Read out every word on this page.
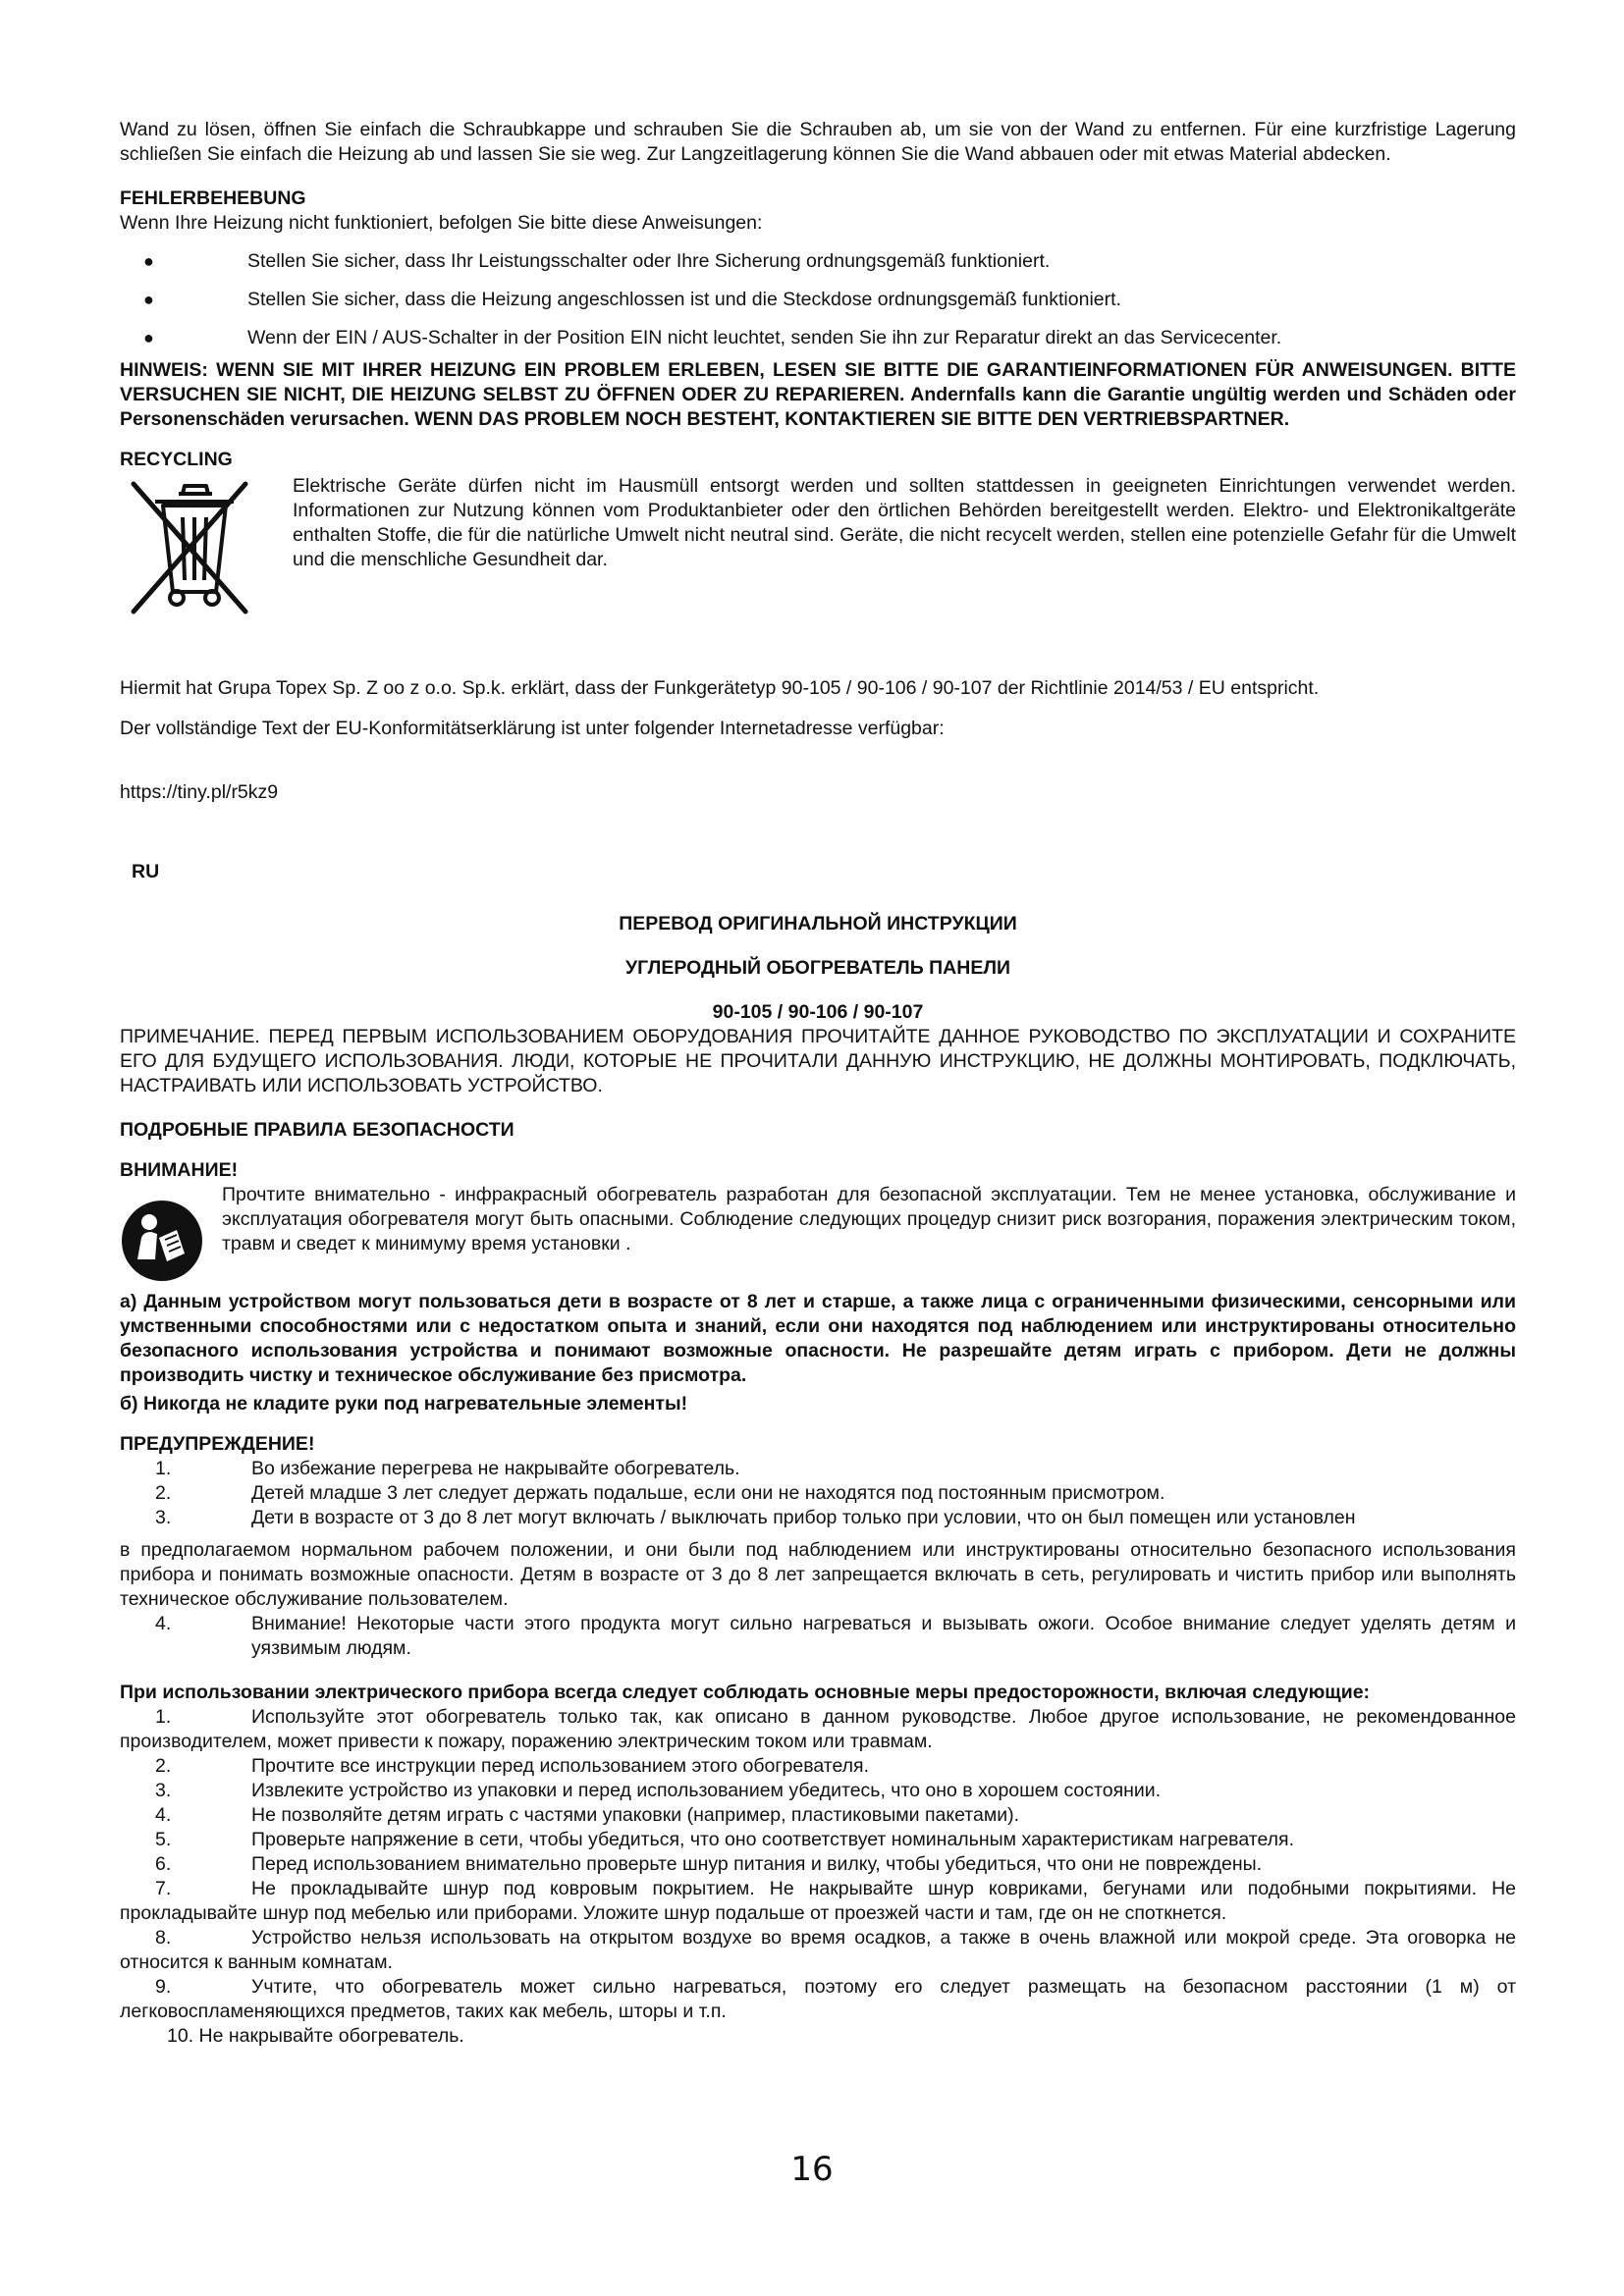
Wand zu lösen, öffnen Sie einfach die Schraubkappe und schrauben Sie die Schrauben ab, um sie von der Wand zu entfernen. Für eine kurzfristige Lagerung schließen Sie einfach die Heizung ab und lassen Sie sie weg. Zur Langzeitlagerung können Sie die Wand abbauen oder mit etwas Material abdecken.

FEHLERBEHEBUNG

Wenn Ihre Heizung nicht funktioniert, befolgen Sie bitte diese Anweisungen:

●	Stellen Sie sicher, dass Ihr Leistungsschalter oder Ihre Sicherung ordnungsgemäß funktioniert.
●	Stellen Sie sicher, dass die Heizung angeschlossen ist und die Steckdose ordnungsgemäß funktioniert.
●	Wenn der EIN / AUS-Schalter in der Position EIN nicht leuchtet, senden Sie ihn zur Reparatur direkt an das Servicecenter.

HINWEIS: WENN SIE MIT IHRER HEIZUNG EIN PROBLEM ERLEBEN, LESEN SIE BITTE DIE GARANTIEINFORMATIONEN FÜR ANWEISUNGEN. BITTE VERSUCHEN SIE NICHT, DIE HEIZUNG SELBST ZU ÖFFNEN ODER ZU REPARIEREN. Andernfalls kann die Garantie ungültig werden und Schäden oder Personenschäden verursachen. WENN DAS PROBLEM NOCH BESTEHT, KONTAKTIEREN SIE BITTE DEN VERTRIEBSPARTNER.

RECYCLING

Elektrische Geräte dürfen nicht im Hausmüll entsorgt werden und sollten stattdessen in geeigneten Einrichtungen verwendet werden. Informationen zur Nutzung können vom Produktanbieter oder den örtlichen Behörden bereitgestellt werden. Elektro- und Elektronikaltgeräte enthalten Stoffe, die für die natürliche Umwelt nicht neutral sind. Geräte, die nicht recycelt werden, stellen eine potenzielle Gefahr für die Umwelt und die menschliche Gesundheit dar.

Hiermit hat Grupa Topex Sp. Z oo z o.o. Sp.k. erklärt, dass der Funkgerätetyp 90-105 / 90-106 / 90-107 der Richtlinie 2014/53 / EU entspricht.

Der vollständige Text der EU-Konformitätserklärung ist unter folgender Internetadresse verfügbar:

https://tiny.pl/r5kz9

RU

ПЕРЕВОД ОРИГИНАЛЬНОЙ ИНСТРУКЦИИ

УГЛЕРОДНЫЙ ОБОГРЕВАТЕЛЬ ПАНЕЛИ

90-105 / 90-106 / 90-107

ПРИМЕЧАНИЕ. ПЕРЕД ПЕРВЫМ ИСПОЛЬЗОВАНИЕМ ОБОРУДОВАНИЯ ПРОЧИТАЙТЕ ДАННОЕ РУКОВОДСТВО ПО ЭКСПЛУАТАЦИИ И СОХРАНИТЕ ЕГО ДЛЯ БУДУЩЕГО ИСПОЛЬЗОВАНИЯ. ЛЮДИ, КОТОРЫЕ НЕ ПРОЧИТАЛИ ДАННУЮ ИНСТРУКЦИЮ, НЕ ДОЛЖНЫ МОНТИРОВАТЬ, ПОДКЛЮЧАТЬ, НАСТРАИВАТЬ ИЛИ ИСПОЛЬЗОВАТЬ УСТРОЙСТВО.

ПОДРОБНЫЕ ПРАВИЛА БЕЗОПАСНОСТИ

ВНИМАНИЕ!

Прочтите внимательно - инфракрасный обогреватель разработан для безопасной эксплуатации. Тем не менее установка, обслуживание и эксплуатация обогревателя могут быть опасными. Соблюдение следующих процедур снизит риск возгорания, поражения электрическим током, травм и сведет к минимуму время установки .

а) Данным устройством могут пользоваться дети в возрасте от 8 лет и старше, а также лица с ограниченными физическими, сенсорными или умственными способностями или с недостатком опыта и знаний, если они находятся под наблюдением или инструктированы относительно безопасного использования устройства и понимают возможные опасности. Не разрешайте детям играть с прибором. Дети не должны производить чистку и техническое обслуживание без присмотра.

б) Никогда не кладите руки под нагревательные элементы!

ПРЕДУПРЕЖДЕНИЕ!

1.	Во избежание перегрева не накрывайте обогреватель.
2.	Детей младше 3 лет следует держать подальше, если они не находятся под постоянным присмотром.
3.	Дети в возрасте от 3 до 8 лет могут включать / выключать прибор только при условии, что он был помещен или установлен

в предполагаемом нормальном рабочем положении, и они были под наблюдением или инструктированы относительно безопасного использования прибора и понимать возможные опасности. Детям в возрасте от 3 до 8 лет запрещается включать в сеть, регулировать и чистить прибор или выполнять техническое обслуживание пользователем.

4.	Внимание! Некоторые части этого продукта могут сильно нагреваться и вызывать ожоги. Особое внимание следует уделять детям и уязвимым людям.

При использовании электрического прибора всегда следует соблюдать основные меры предосторожности, включая следующие:

1.	Используйте этот обогреватель только так, как описано в данном руководстве. Любое другое использование, не рекомендованное производителем, может привести к пожару, поражению электрическим током или травмам.

2.	Прочтите все инструкции перед использованием этого обогревателя.

3.	Извлеките устройство из упаковки и перед использованием убедитесь, что оно в хорошем состоянии.

4.	Не позволяйте детям играть с частями упаковки (например, пластиковыми пакетами).

5.	Проверьте напряжение в сети, чтобы убедиться, что оно соответствует номинальным характеристикам нагревателя.

6.	Перед использованием внимательно проверьте шнур питания и вилку, чтобы убедиться, что они не повреждены.

7.	Не прокладывайте шнур под ковровым покрытием. Не накрывайте шнур ковриками, бегунами или подобными покрытиями. Не прокладывайте шнур под мебелью или приборами. Уложите шнур подальше от проезжей части и там, где он не споткнется.

8.	Устройство нельзя использовать на открытом воздухе во время осадков, а также в очень влажной или мокрой среде. Эта оговорка не относится к ванным комнатам.

9.	Учтите, что обогреватель может сильно нагреваться, поэтому его следует размещать на безопасном расстоянии (1 м) от легковоспламеняющихся предметов, таких как мебель, шторы и т.п.

10. Не накрывайте обогреватель.

16
